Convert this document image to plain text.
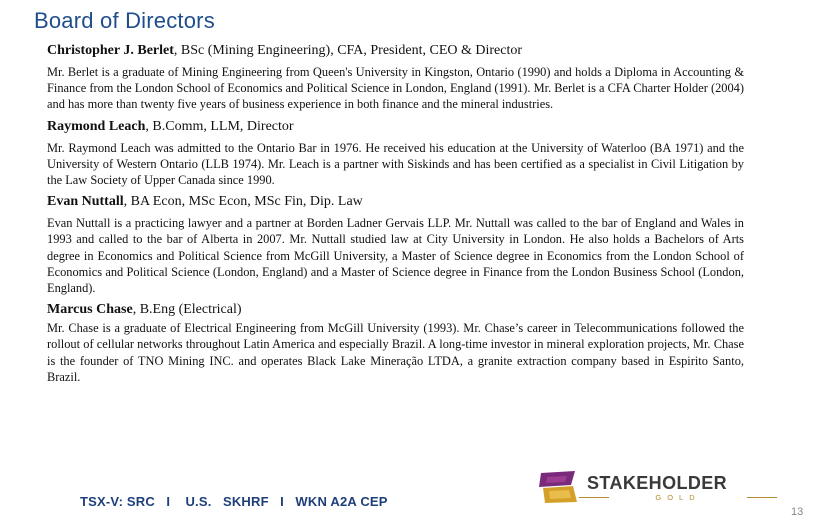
Board of Directors
Christopher J. Berlet, BSc (Mining Engineering), CFA, President, CEO & Director

Mr. Berlet is a graduate of Mining Engineering from Queen's University in Kingston, Ontario (1990) and holds a Diploma in Accounting & Finance from the London School of Economics and Political Science in London, England (1991). Mr. Berlet is a CFA Charter Holder (2004) and has more than twenty five years of business experience in both finance and the mineral industries.

Raymond Leach, B.Comm, LLM, Director

Mr. Raymond Leach was admitted to the Ontario Bar in 1976. He received his education at the University of Waterloo (BA 1971) and the University of Western Ontario (LLB 1974). Mr. Leach is a partner with Siskinds and has been certified as a specialist in Civil Litigation by the Law Society of Upper Canada since 1990.

Evan Nuttall, BA Econ, MSc Econ, MSc Fin, Dip. Law

Evan Nuttall is a practicing lawyer and a partner at Borden Ladner Gervais LLP. Mr. Nuttall was called to the bar of England and Wales in 1993 and called to the bar of Alberta in 2007. Mr. Nuttall studied law at City University in London. He also holds a Bachelors of Arts degree in Economics and Political Science from McGill University, a Master of Science degree in Economics from the London School of Economics and Political Science (London, England) and a Master of Science degree in Finance from the London Business School (London, England).

Marcus Chase, B.Eng (Electrical)

Mr. Chase is a graduate of Electrical Engineering from McGill University (1993). Mr. Chase’s career in Telecommunications followed the rollout of cellular networks throughout Latin America and especially Brazil. A long-time investor in mineral exploration projects, Mr. Chase is the founder of TNO Mining INC. and operates Black Lake Mineração LTDA, a granite extraction company based in Espirito Santo, Brazil.

TSX-V: SRC   I    U.S.   SKHRF   I   WKN A2A CEP
STAKEHOLDER
GOLD
13
